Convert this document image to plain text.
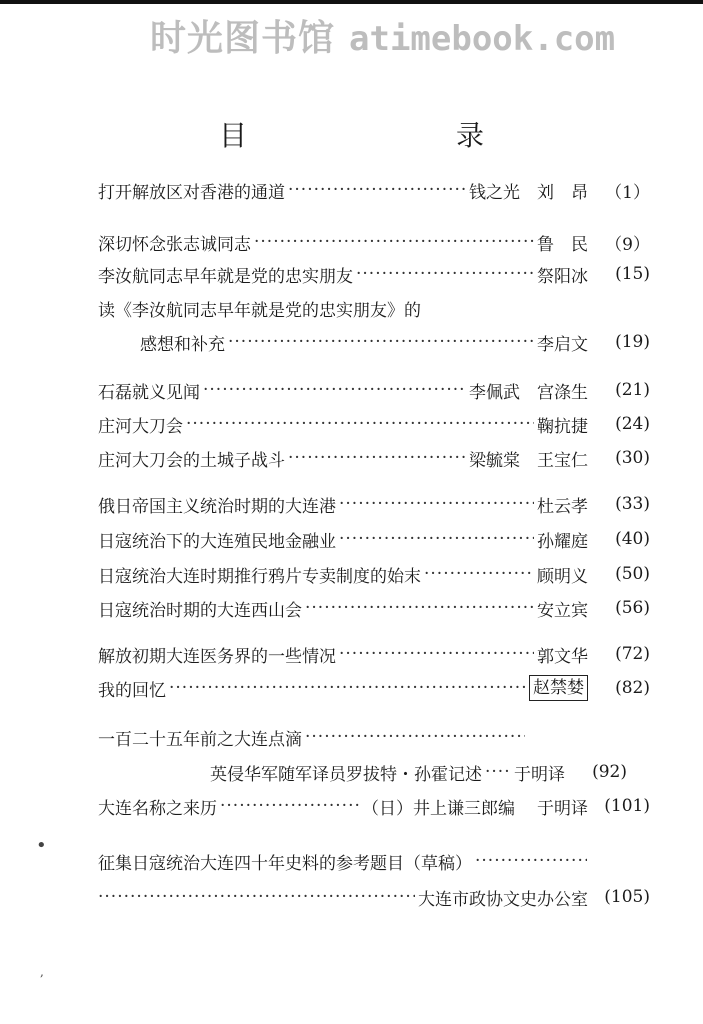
时光图书馆 atimebook.com
目 录
打开解放区对香港的通道 ·····	钱之光　刘　昂	（1）
深切怀念张志诚同志 ·····	鲁　民	（9）
李汝航同志早年就是党的忠实朋友 ·····	祭阳冰	(15)
读《李汝航同志早年就是党的忠实朋友》的
感想和补充 ·····	李启文	(19)
石磊就义见闻 ·····	李佩武　宫涤生	(21)
庄河大刀会 ·····	鞠抗捷	(24)
庄河大刀会的土城子战斗 ·····	梁毓棠　王宝仁	(30)
俄日帝国主义统治时期的大连港 ·····	杜云孝	(33)
日寇统治下的大连殖民地金融业 ·····	孙耀庭	(40)
日寇统治大连时期推行鸦片专卖制度的始末 ·····	顾明义	(50)
日寇统治时期的大连西山会 ·····	安立宾	(56)
解放初期大连医务界的一些情况 ·····	郭文华	(72)
我的回忆 ·····	赵禁婪	(82)
一百二十五年前之大连点滴
·····
英侵华军随军译员罗拔特・孙霍记述 ····· 于明译	(92)
大连名称之来历 ·····	（日）井上谦三郎编 于明译 (101)
征集日寇统治大连四十年史料的参考题目（草稿）
·····
·····
大连市政协文史办公室 (105)
•
,
